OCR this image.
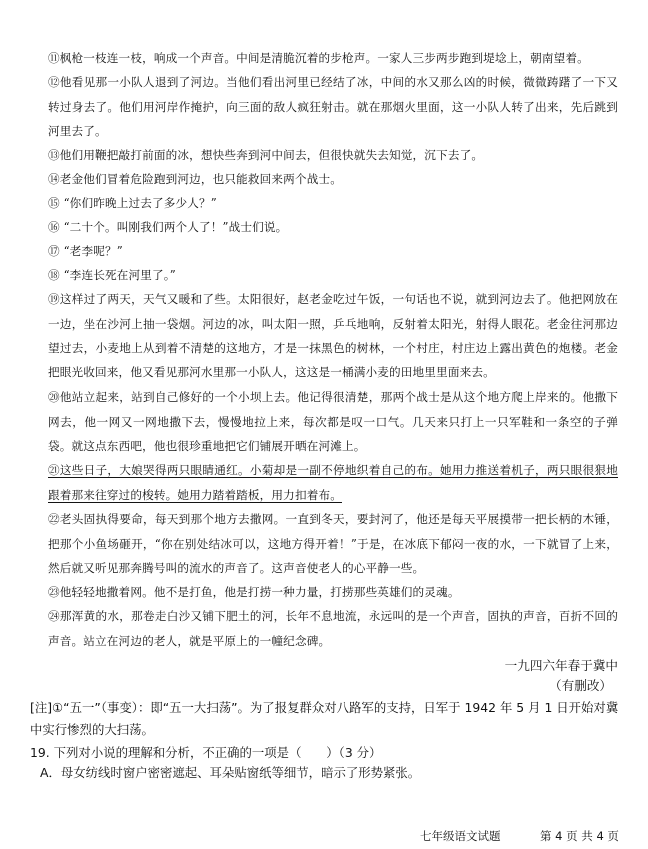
⑪枫枪一枝连一枝，响成一个声音。中间是清脆沉着的步枪声。一家人三步两步跑到堤埝上，朝南望着。
⑫他看见那一小队人退到了河边。当他们看出河里已经结了冰，中间的水又那么凶的时候，微微踌躇了一下又转过身去了。他们用河岸作掩护，向三面的敌人疯狂射击。就在那烟火里面，这一小队人转了出来，先后跳到河里去了。
⑬他们用鞭把敲打前面的冰，想快些奔到河中间去，但很快就失去知觉，沉下去了。
⑭老金他们冒着危险跑到河边，也只能救回来两个战士。
⑮ “你们昨晚上过去了多少人？”
⑯ “二十个。叫刚我们两个人了！”战士们说。
⑰ “老李呢？”
⑱ “李连长死在河里了。”
⑲这样过了两天，天气又暖和了些。太阳很好，赵老金吃过午饭，一句话也不说，就到河边去了。他把网放在一边，坐在沙河上抽一袋烟。河边的冰，叫太阳一照，乒乓地响，反射着太阳光，射得人眼花。老金往河那边望过去，小麦地上从到着不清楚的这地方，才是一抹黑色的树林，一个村庄，村庄边上露出黄色的炮楼。老金把眼光收回来，他又看见那河水里那一小队人，这这是一桶满小麦的田地里里面来去。
⑳他站立起来，站到自己修好的一个小坝上去。他记得很清楚，那两个战士是从这个地方爬上岸来的。他撒下网去，他一网又一网地撒下去，慢慢地拉上来，每次都是叹一口气。几天来只打上一只军鞋和一条空的子弹袋。就这点东西吧，他也很珍重地把它们铺展开晒在河滩上。
㉑这些日子，大娘哭得两只眼睛通红。小菊却是一副不停地织着自己的布。她用力推送着机子，两只眼很狠地跟着那来往穿过的梭转。她用力踏着踏板，用力扣着布。
㉒老头固执得要命，每天到那个地方去撒网。一直到冬天，要封河了，他还是每天平展摸带一把长柄的木锤，把那个小鱼场砸开，“你在别处结冰可以，这地方得开着！”于是，在冰底下郁闷一夜的水，一下就冒了上来，然后就又听见那奔腾号叫的流水的声音了。这声音使老人的心平静一些。
㉓他轻轻地撒着网。他不是打鱼，他是打捞一种力量，打捞那些英雄们的灵魂。
㉔那浑黄的水，那卷走白沙又铺下肥土的河，长年不息地流，永远叫的是一个声音，固执的声音，百折不回的声音。站立在河边的老人，就是平原上的一幢纪念碑。
一九四六年春于冀中
（有删改）
[注]①“五一”（事变）：即“五一大扫荡”。为了报复群众对八路军的支持，日军于 1942 年 5 月 1 日开始对冀中实行惨烈的大扫荡。
19. 下列对小说的理解和分析，不正确的一项是（　　）（3 分）
A．母女纺线时窗户密密遮起、耳朵贴窗纸等细节，暗示了形势紧张。
七年级语文试题	第 4 页 共 4 页
